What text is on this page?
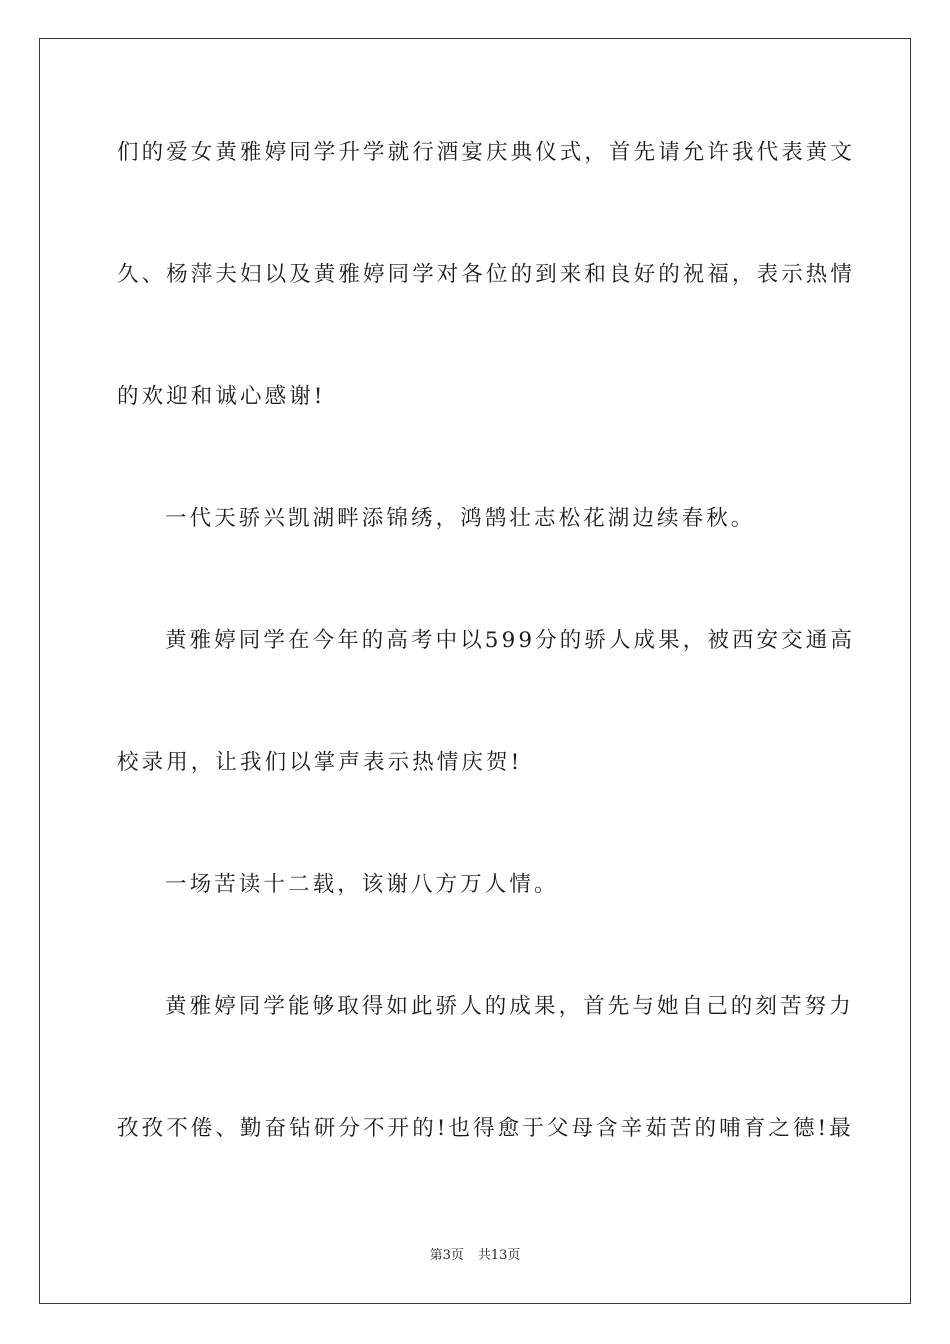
们的爱女黄雅婷同学升学就行酒宴庆典仪式，首先请允许我代表黄文
久、杨萍夫妇以及黄雅婷同学对各位的到来和良好的祝福，表示热情
的欢迎和诚心感谢!
一代天骄兴凯湖畔添锦绣，鸿鹄壮志松花湖边续春秋。
黄雅婷同学在今年的高考中以599分的骄人成果，被西安交通高
校录用，让我们以掌声表示热情庆贺!
一场苦读十二载，该谢八方万人情。
黄雅婷同学能够取得如此骄人的成果，首先与她自己的刻苦努力
孜孜不倦、勤奋钻研分不开的!也得愈于父母含辛茹苦的哺育之德!最
第3页 共13页
